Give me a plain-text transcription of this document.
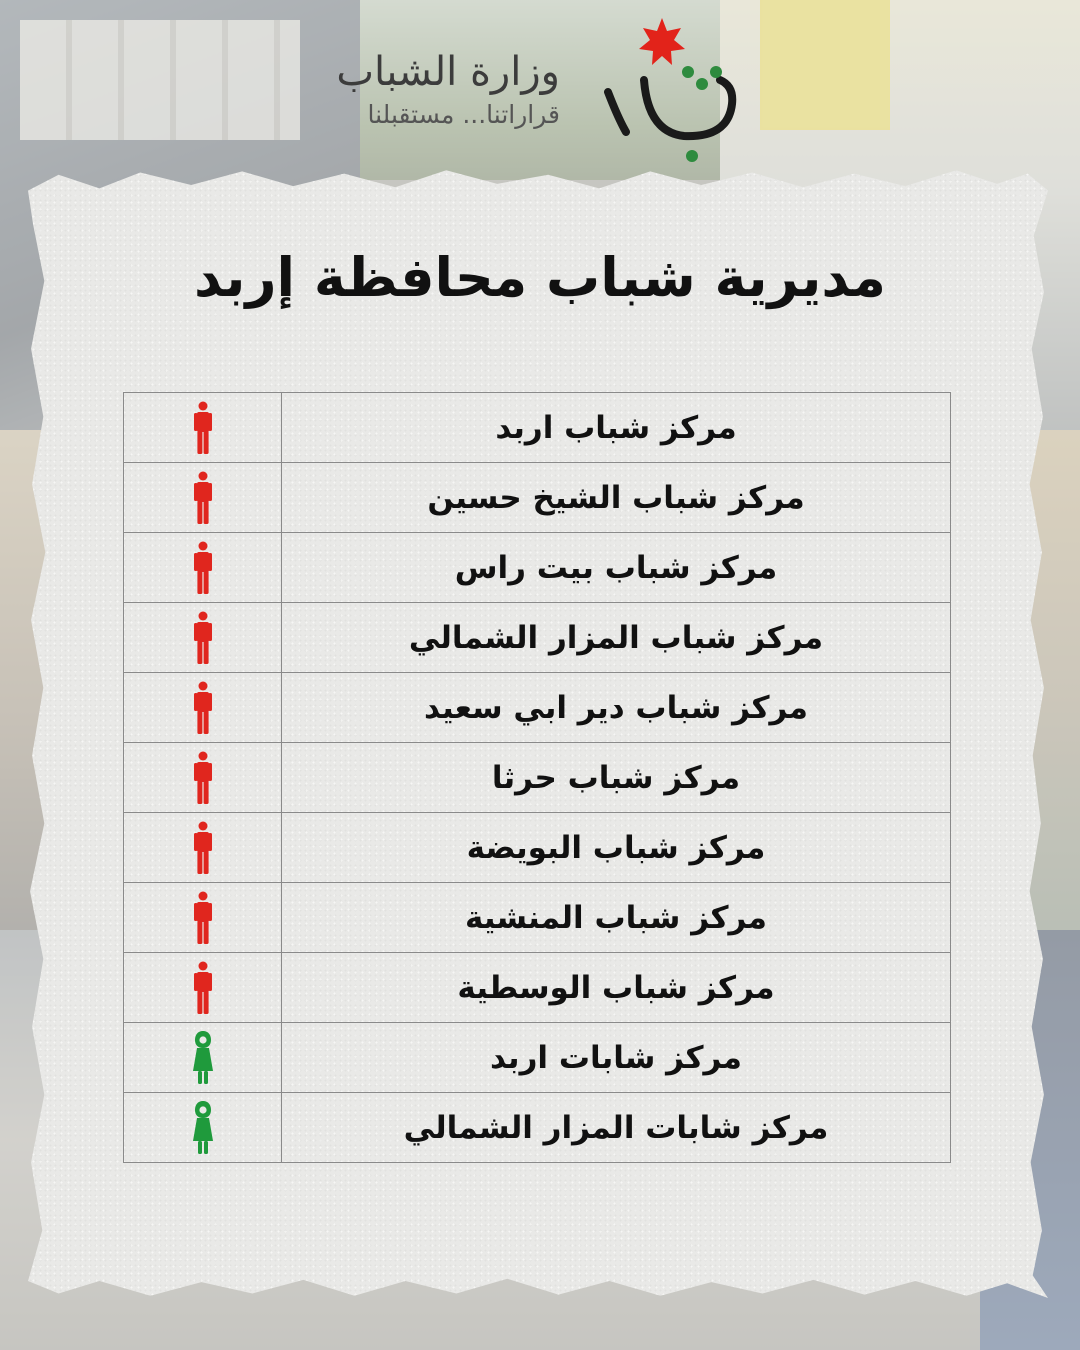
وزارة الشباب
قراراتنا... مستقبلنا
مديرية شباب محافظة إربد
	مركز شباب اربد
	مركز شباب الشيخ حسين
	مركز شباب بيت راس
	مركز شباب المزار الشمالي
	مركز شباب دير ابي سعيد
	مركز شباب حرثا
	مركز شباب البويضة
	مركز شباب المنشية
	مركز شباب الوسطية
	مركز شابات اربد
	مركز شابات المزار الشمالي
